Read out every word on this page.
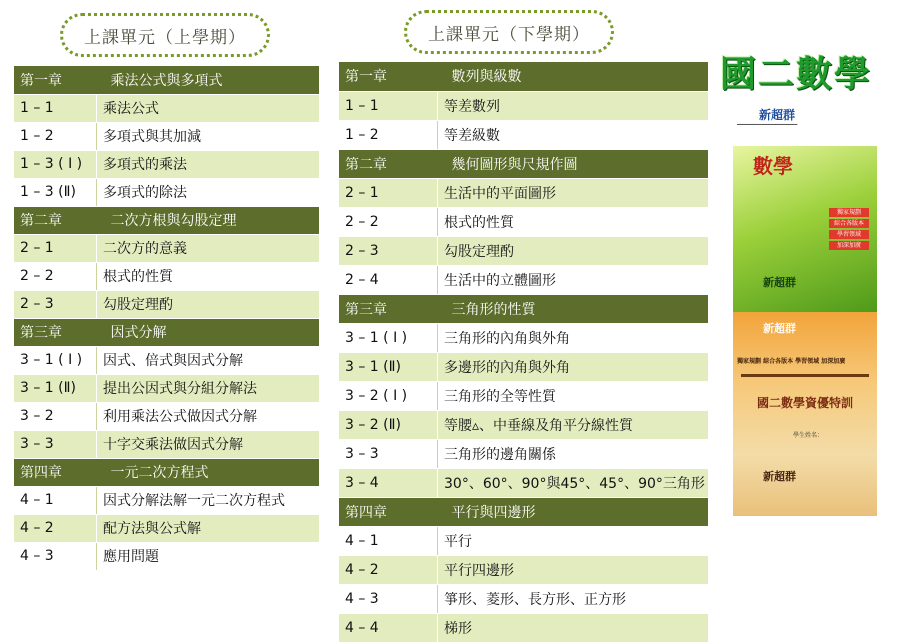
上課單元（上學期）	上課單元（下學期）
第一章	乘法公式與多項式
1 – 1	乘法公式
1 – 2	多項式與其加減
1 – 3 ( Ⅰ )	多項式的乘法
1 – 3 (Ⅱ)	多項式的除法
第二章	二次方根與勾股定理
2 – 1	二次方的意義
2 – 2	根式的性質
2 – 3	勾股定理酌
第三章	因式分解
3 – 1 ( Ⅰ )	因式、倍式與因式分解
3 – 1 (Ⅱ)	提出公因式與分組分解法
3 – 2	利用乘法公式做因式分解
3 – 3	十字交乘法做因式分解
第四章	一元二次方程式
4 – 1	因式分解法解一元二次方程式
4 – 2	配方法與公式解
4 – 3	應用問題
第一章	數列與級數
1 – 1	等差數列
1 – 2	等差級數
第二章	幾何圖形與尺規作圖
2 – 1	生活中的平面圖形
2 – 2	根式的性質
2 – 3	勾股定理酌
2 – 4	生活中的立體圖形
第三章	三角形的性質
3 – 1 ( Ⅰ )	三角形的內角與外角
3 – 1 (Ⅱ)	多邊形的內角與外角
3 – 2 ( Ⅰ )	三角形的全等性質
3 – 2 (Ⅱ)	等腰▵、中垂線及角平分線性質
3 – 3	三角形的邊角關係
3 – 4	30°、60°、90°與45°、45°、90°三角形
第四章	平行與四邊形
4 – 1	平行
4 – 2	平行四邊形
4 – 3	箏形、菱形、長方形、正方形
4 – 4	梯形
國二數學
新超群
━━━━━━━━━━━━━━━━━━━━
數學
獨家規劃
綜合各版本
學習領域
加深加廣
新超群
新超群
獨家規劃 綜合各版本 學習領域 加深加廣
國二數學資優特訓
學生姓名：
新超群
